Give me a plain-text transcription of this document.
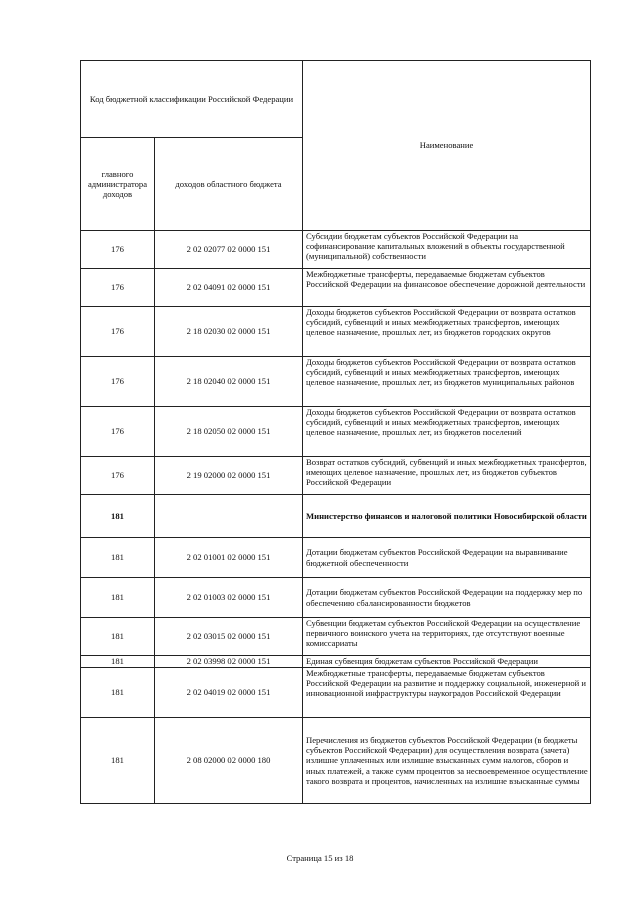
Код бюджетной классификации Российской Федерации		Наименование
главного администратора доходов	доходов областного бюджета	
176	2 02 02077 02 0000 151	Субсидии бюджетам субъектов Российской Федерации на софинансирование капитальных вложений в объекты государственной (муниципальной) собственности
176	2 02 04091 02 0000 151	Межбюджетные трансферты, передаваемые бюджетам субъектов Российской Федерации на финансовое обеспечение дорожной деятельности
176	2 18 02030 02 0000 151	Доходы бюджетов субъектов Российской Федерации от возврата остатков субсидий, субвенций и иных межбюджетных трансфертов, имеющих целевое назначение, прошлых лет, из бюджетов городских округов
176	2 18 02040 02 0000 151	Доходы бюджетов субъектов Российской Федерации от возврата остатков субсидий, субвенций и иных межбюджетных трансфертов, имеющих целевое назначение, прошлых лет, из бюджетов муниципальных районов
176	2 18 02050 02 0000 151	Доходы бюджетов субъектов Российской Федерации от возврата остатков субсидий, субвенций и иных межбюджетных трансфертов, имеющих целевое назначение, прошлых лет, из бюджетов поселений
176	2 19 02000 02 0000 151	Возврат остатков субсидий, субвенций и иных межбюджетных трансфертов, имеющих целевое назначение, прошлых лет, из бюджетов субъектов Российской Федерации
181		Министерство финансов и налоговой политики Новосибирской области
181	2 02 01001 02 0000 151	Дотации бюджетам субъектов Российской Федерации на выравнивание бюджетной обеспеченности
181	2 02 01003 02 0000 151	Дотации бюджетам субъектов Российской Федерации на поддержку мер по обеспечению сбалансированности бюджетов
181	2 02 03015 02 0000 151	Субвенции бюджетам субъектов Российской Федерации на осуществление первичного воинского учета на территориях, где отсутствуют военные комиссариаты
181	2 02 03998 02 0000 151	Единая субвенция бюджетам субъектов Российской Федерации
181	2 02 04019 02 0000 151	Межбюджетные трансферты, передаваемые бюджетам субъектов Российской Федерации на развитие и поддержку социальной, инженерной и инновационной инфраструктуры наукоградов Российской Федерации
181	2 08 02000 02 0000 180	Перечисления из бюджетов субъектов Российской Федерации (в бюджеты субъектов Российской Федерации) для осуществления возврата (зачета) излишне уплаченных или излишне взысканных сумм налогов, сборов и иных платежей, а также сумм процентов за несвоевременное осуществление такого возврата и процентов, начисленных на излишне взысканные суммы
Страница 15 из 18
